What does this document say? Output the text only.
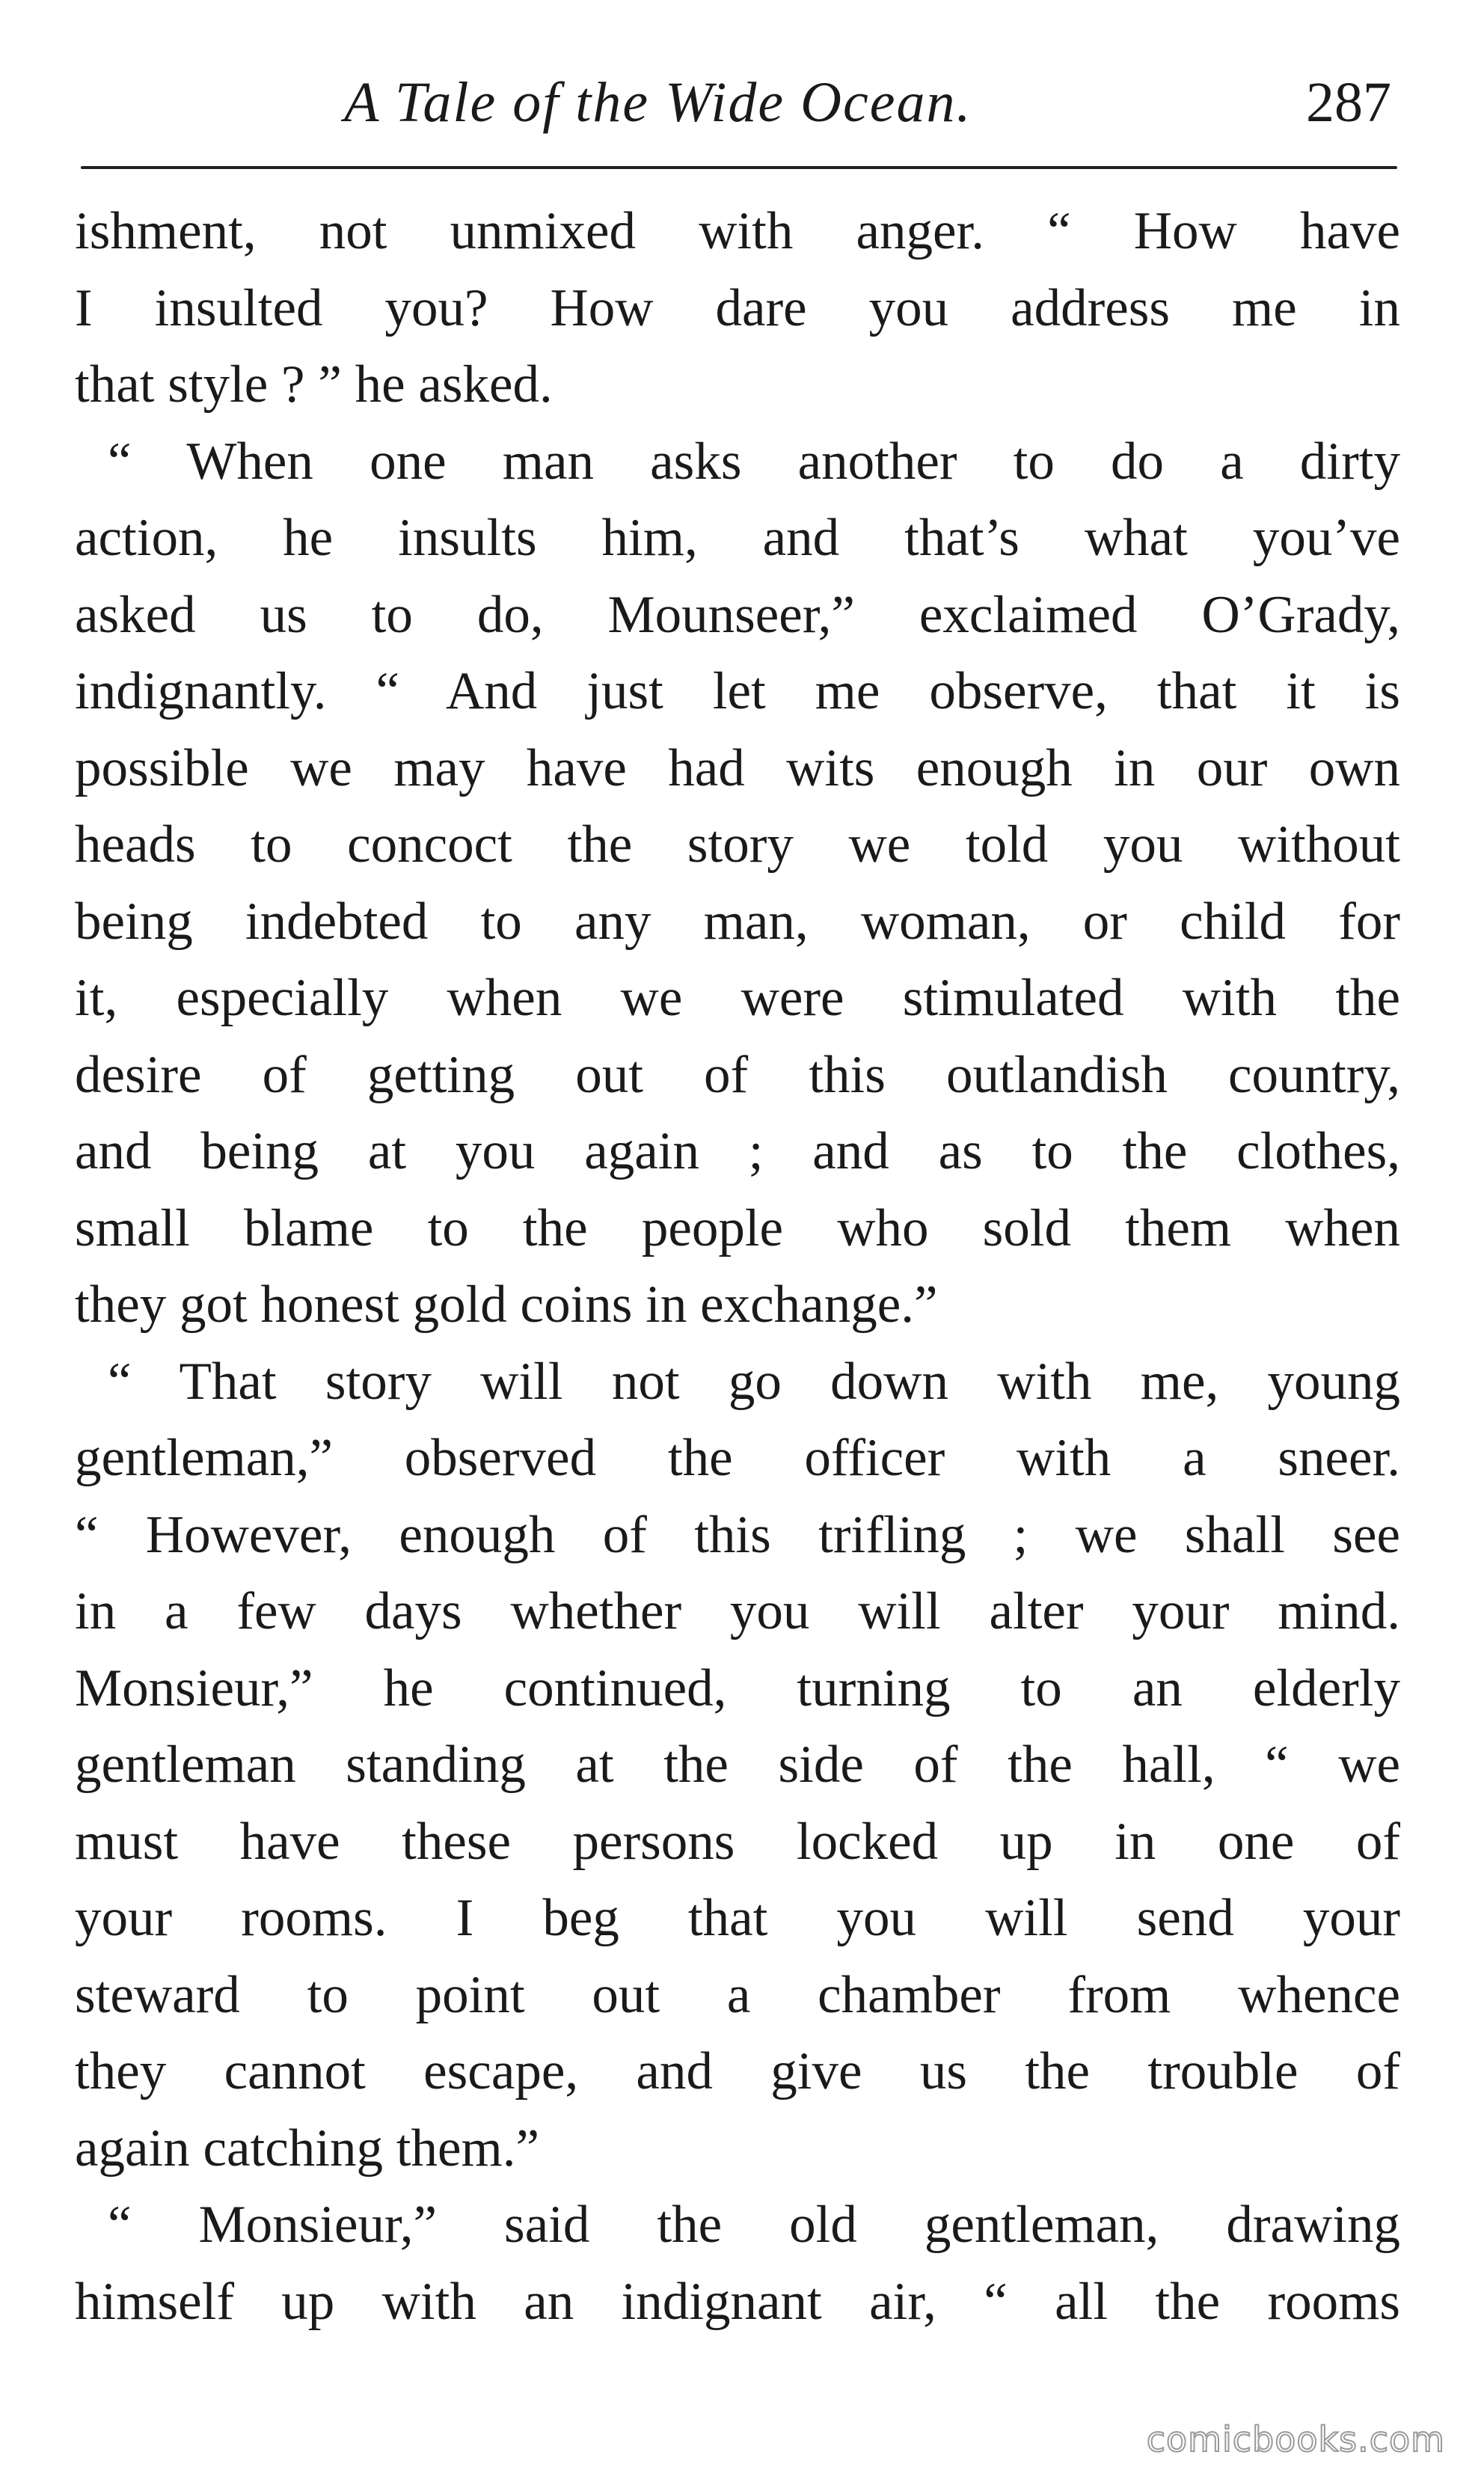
A Tale of the Wide Ocean.	287
ishment, not unmixed with anger. “ How have
I insulted you? How dare you address me in
that style ? ” he asked.
“ When one man asks another to do a dirty
action, he insults him, and that’s what you’ve
asked us to do, Mounseer,” exclaimed O’Grady,
indignantly. “ And just let me observe, that it is
possible we may have had wits enough in our own
heads to concoct the story we told you without
being indebted to any man, woman, or child for
it, especially when we were stimulated with the
desire of getting out of this outlandish country,
and being at you again ; and as to the clothes,
small blame to the people who sold them when
they got honest gold coins in exchange.”
“ That story will not go down with me, young
gentleman,” observed the officer with a sneer.
“ However, enough of this trifling ; we shall see
in a few days whether you will alter your mind.
Monsieur,” he continued, turning to an elderly
gentleman standing at the side of the hall, “ we
must have these persons locked up in one of
your rooms. I beg that you will send your
steward to point out a chamber from whence
they cannot escape, and give us the trouble of
again catching them.”
“ Monsieur,” said the old gentleman, drawing
himself up with an indignant air, “ all the rooms
comicbooks.com
